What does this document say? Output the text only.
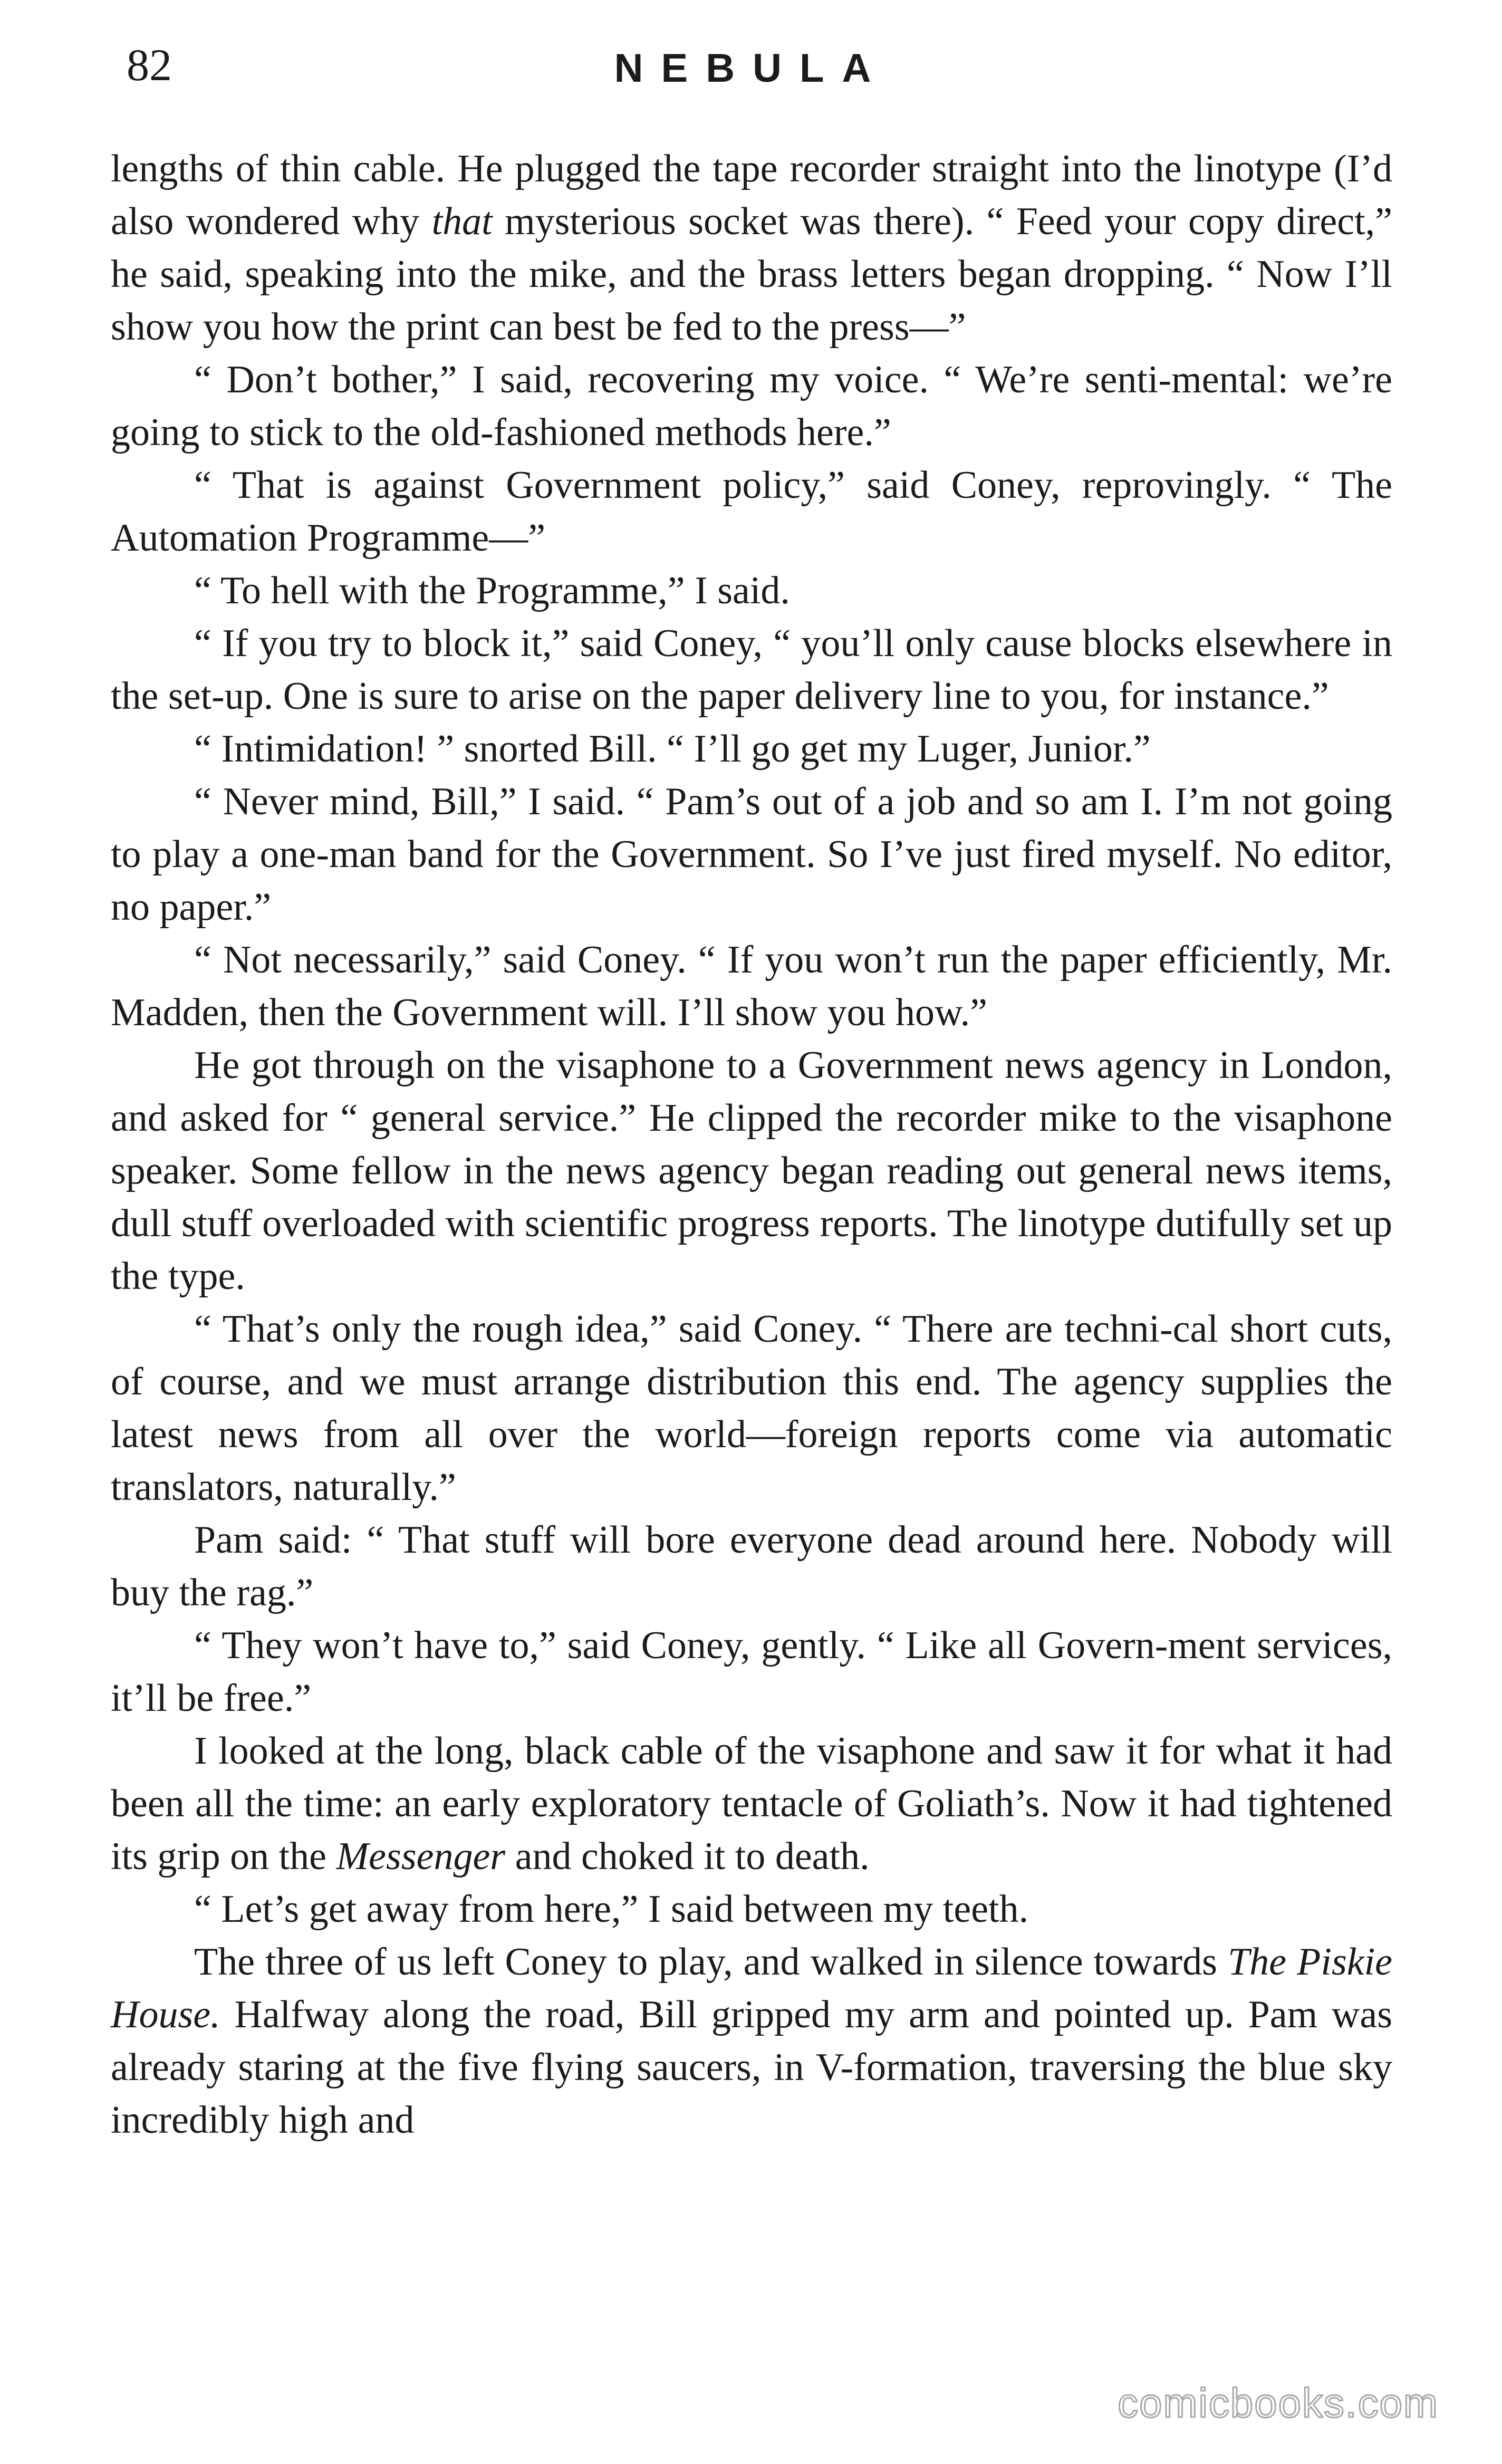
82	NEBULA

lengths of thin cable. He plugged the tape recorder straight into the linotype (I’d also wondered why that mysterious socket was there). “ Feed your copy direct,” he said, speaking into the mike, and the brass letters began dropping. “ Now I’ll show you how the print can best be fed to the press—”

“ Don’t bother,” I said, recovering my voice. “ We’re senti-mental: we’re going to stick to the old-fashioned methods here.”

“ That is against Government policy,” said Coney, reprovingly. “ The Automation Programme—”

“ To hell with the Programme,” I said.

“ If you try to block it,” said Coney, “ you’ll only cause blocks elsewhere in the set-up. One is sure to arise on the paper delivery line to you, for instance.”

“ Intimidation! ” snorted Bill. “ I’ll go get my Luger, Junior.”

“ Never mind, Bill,” I said. “ Pam’s out of a job and so am I. I’m not going to play a one-man band for the Government. So I’ve just fired myself. No editor, no paper.”

“ Not necessarily,” said Coney. “ If you won’t run the paper efficiently, Mr. Madden, then the Government will. I’ll show you how.”

He got through on the visaphone to a Government news agency in London, and asked for “ general service.” He clipped the recorder mike to the visaphone speaker. Some fellow in the news agency began reading out general news items, dull stuff overloaded with scientific progress reports. The linotype dutifully set up the type.

“ That’s only the rough idea,” said Coney. “ There are techni-cal short cuts, of course, and we must arrange distribution this end. The agency supplies the latest news from all over the world—foreign reports come via automatic translators, naturally.”

Pam said: “ That stuff will bore everyone dead around here. Nobody will buy the rag.”

“ They won’t have to,” said Coney, gently. “ Like all Govern-ment services, it’ll be free.”

I looked at the long, black cable of the visaphone and saw it for what it had been all the time: an early exploratory tentacle of Goliath’s. Now it had tightened its grip on the Messenger and choked it to death.

“ Let’s get away from here,” I said between my teeth.

The three of us left Coney to play, and walked in silence towards The Piskie House. Halfway along the road, Bill gripped my arm and pointed up. Pam was already staring at the five flying saucers, in V-formation, traversing the blue sky incredibly high and

comicbooks.com
